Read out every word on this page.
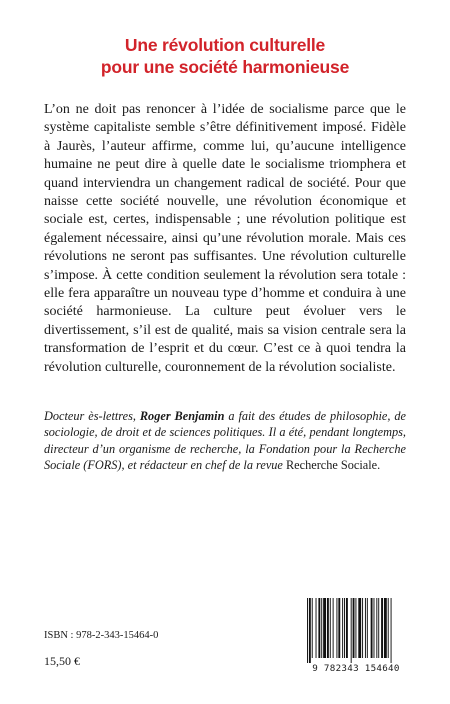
Une révolution culturelle
pour une société harmonieuse

L’on ne doit pas renoncer à l’idée de socialisme parce que le système capitaliste semble s’être définitivement imposé. Fidèle à Jaurès, l’auteur affirme, comme lui, qu’aucune intelligence humaine ne peut dire à quelle date le socialisme triomphera et quand interviendra un changement radical de société. Pour que naisse cette société nouvelle, une révolution économique et sociale est, certes, indispensable ; une révolution politique est également nécessaire, ainsi qu’une révolution morale. Mais ces révolutions ne seront pas suffisantes. Une révolution culturelle s’impose. À cette condition seulement la révolution sera totale : elle fera apparaître un nouveau type d’homme et conduira à une société harmonieuse. La culture peut évoluer vers le divertissement, s’il est de qualité, mais sa vision centrale sera la transformation de l’esprit et du cœur. C’est ce à quoi tendra la révolution culturelle, couronnement de la révolution socialiste.

Docteur ès-lettres, Roger Benjamin a fait des études de philosophie, de sociologie, de droit et de sciences politiques. Il a été, pendant longtemps, directeur d’un organisme de recherche, la Fondation pour la Recherche Sociale (FORS), et rédacteur en chef de la revue Recherche Sociale.

ISBN : 978-2-343-15464-0
15,50 €
9 782343 154640
